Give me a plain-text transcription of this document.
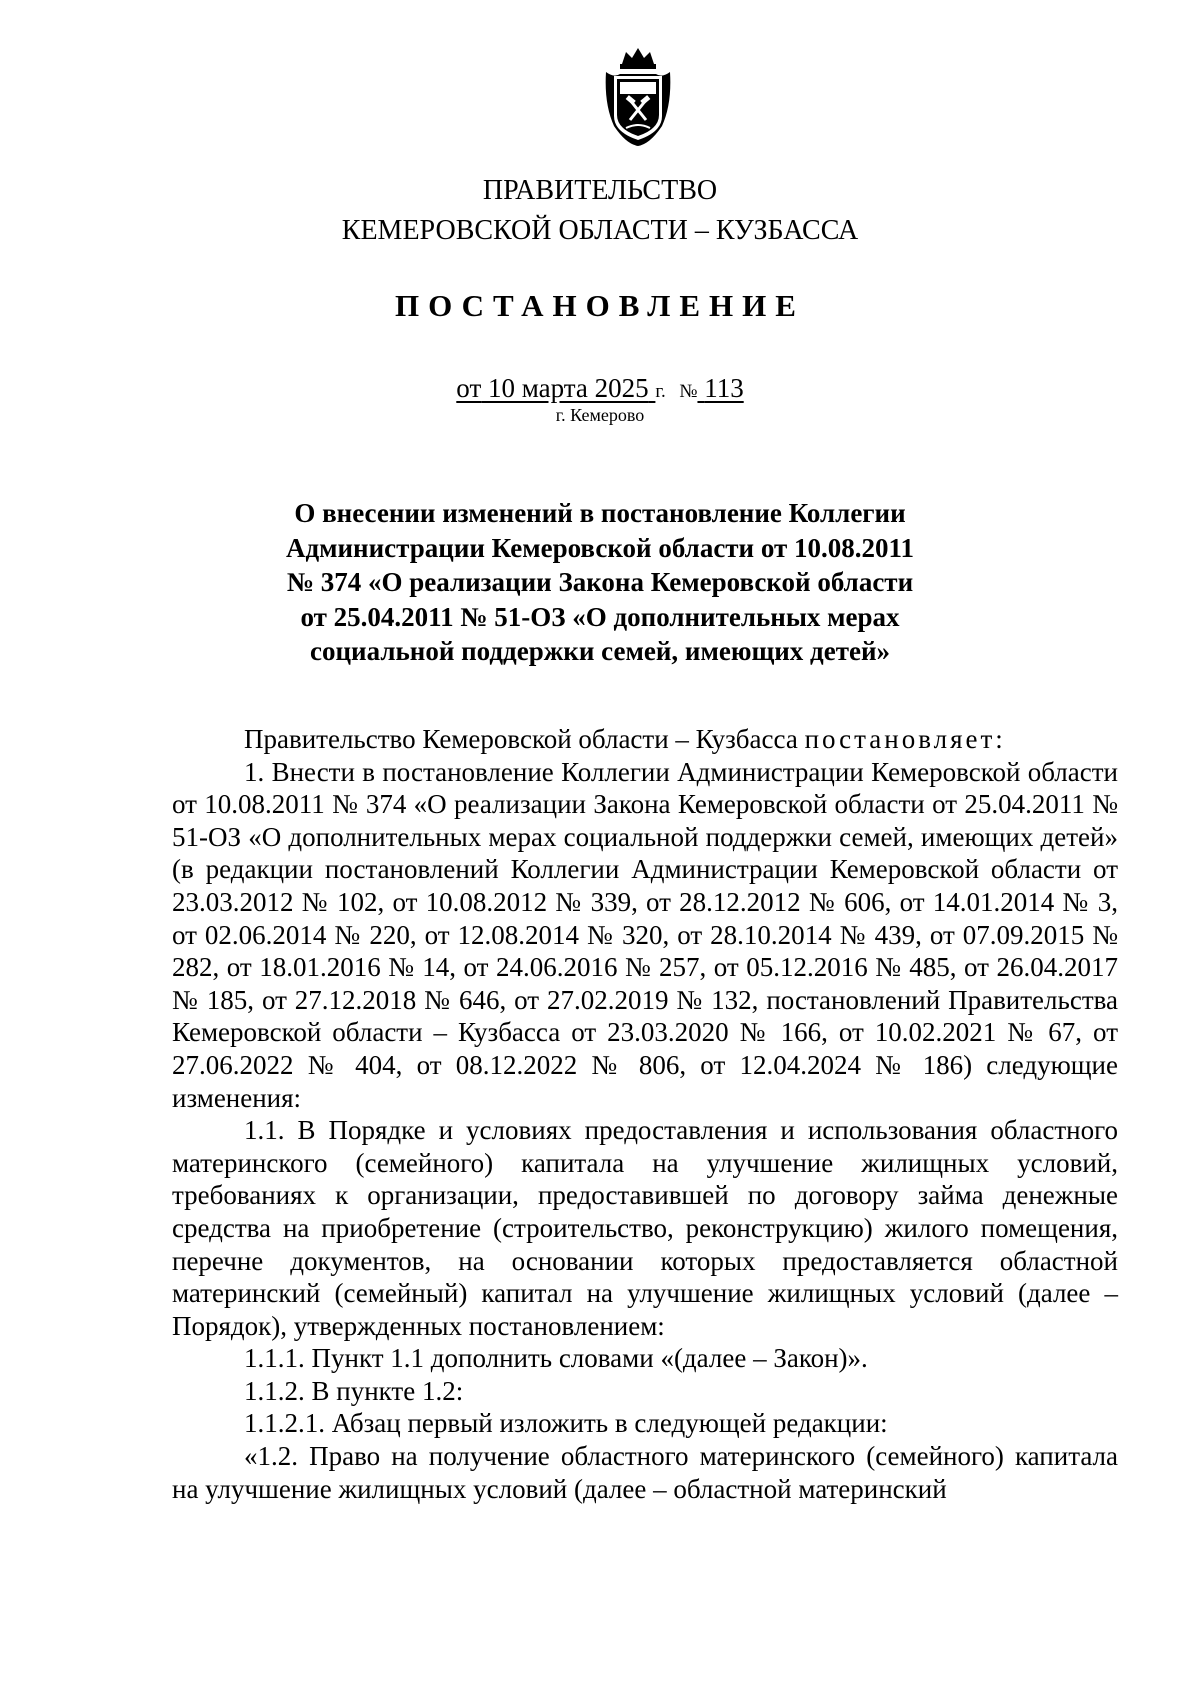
ПРАВИТЕЛЬСТВО
КЕМЕРОВСКОЙ ОБЛАСТИ – КУЗБАССА
ПОСТАНОВЛЕНИЕ
от 10 марта 2025 г. № 113
г. Кемерово
О внесении изменений в постановление Коллегии
Администрации Кемеровской области от 10.08.2011
№ 374 «О реализации Закона Кемеровской области
от 25.04.2011 № 51-ОЗ «О дополнительных мерах
социальной поддержки семей, имеющих детей»

Правительство Кемеровской области – Кузбасса постановляет:

1. Внести в постановление Коллегии Администрации Кемеровской области от 10.08.2011 № 374 «О реализации Закона Кемеровской области от 25.04.2011 № 51-ОЗ «О дополнительных мерах социальной поддержки семей, имеющих детей» (в редакции постановлений Коллегии Администрации Кемеровской области от 23.03.2012 № 102, от 10.08.2012 № 339, от 28.12.2012 № 606, от 14.01.2014 № 3, от 02.06.2014 № 220, от 12.08.2014 № 320, от 28.10.2014 № 439, от 07.09.2015 № 282, от 18.01.2016 № 14, от 24.06.2016 № 257, от 05.12.2016 № 485, от 26.04.2017 № 185, от 27.12.2018 № 646, от 27.02.2019 № 132, постановлений Правительства Кемеровской области – Кузбасса от 23.03.2020 № 166, от 10.02.2021 № 67, от 27.06.2022 № 404, от 08.12.2022 № 806, от 12.04.2024 № 186) следующие изменения:

1.1. В Порядке и условиях предоставления и использования областного материнского (семейного) капитала на улучшение жилищных условий, требованиях к организации, предоставившей по договору займа денежные средства на приобретение (строительство, реконструкцию) жилого помещения, перечне документов, на основании которых предоставляется областной материнский (семейный) капитал на улучшение жилищных условий (далее – Порядок), утвержденных постановлением:

1.1.1. Пункт 1.1 дополнить словами «(далее – Закон)».

1.1.2. В пункте 1.2:

1.1.2.1. Абзац первый изложить в следующей редакции:

«1.2. Право на получение областного материнского (семейного) капитала на улучшение жилищных условий (далее – областной материнский
